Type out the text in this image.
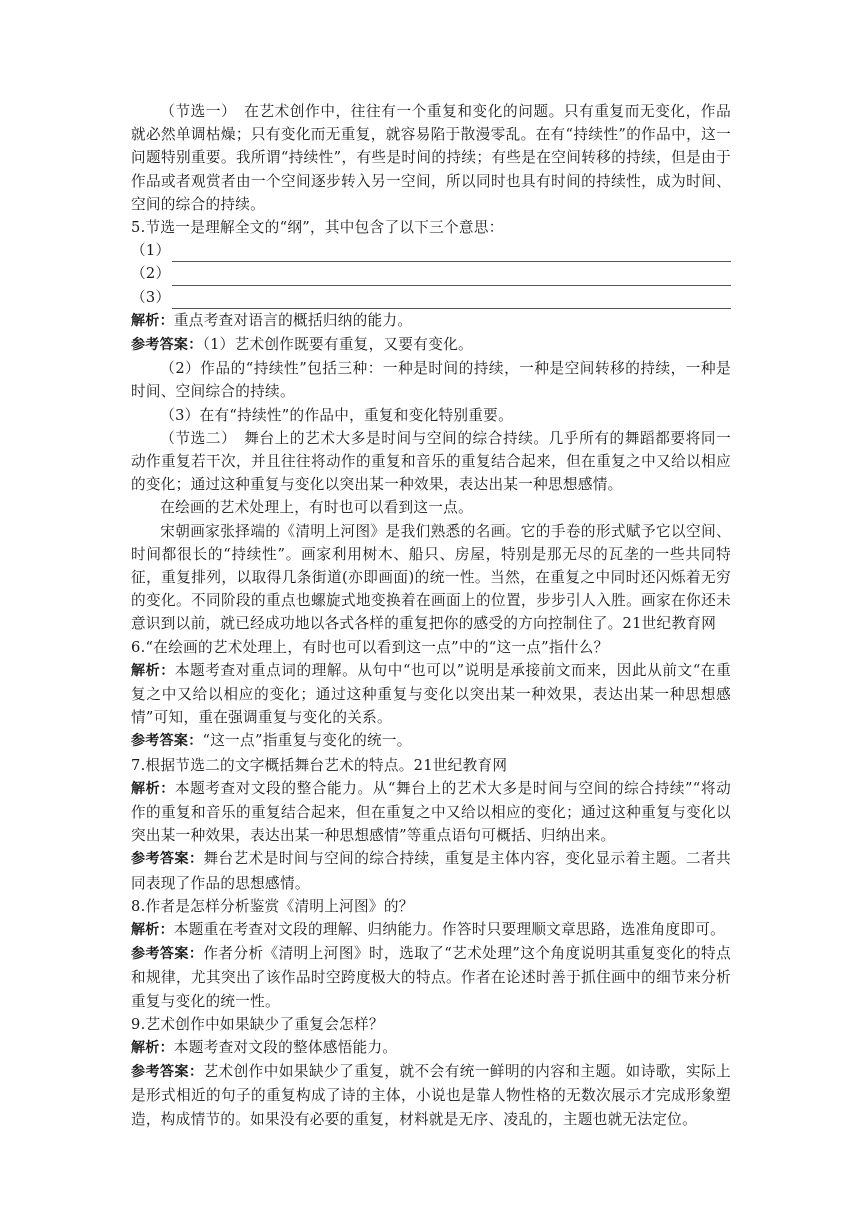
（节选一）　在艺术创作中，往往有一个重复和变化的问题。只有重复而无变化，作品就必然单调枯燥；只有变化而无重复，就容易陷于散漫零乱。在有“持续性”的作品中，这一问题特别重要。我所谓“持续性”，有些是时间的持续；有些是在空间转移的持续，但是由于作品或者观赏者由一个空间逐步转入另一空间，所以同时也具有时间的持续性，成为时间、空间的综合的持续。

5.节选一是理解全文的“纲”，其中包含了以下三个意思：

（1）
（2）
（3）

解析：重点考查对语言的概括归纳的能力。

参考答案：（1）艺术创作既要有重复，又要有变化。

（2）作品的“持续性”包括三种：一种是时间的持续，一种是空间转移的持续，一种是时间、空间综合的持续。

（3）在有“持续性”的作品中，重复和变化特别重要。

（节选二）　舞台上的艺术大多是时间与空间的综合持续。几乎所有的舞蹈都要将同一动作重复若干次，并且往往将动作的重复和音乐的重复结合起来，但在重复之中又给以相应的变化；通过这种重复与变化以突出某一种效果，表达出某一种思想感情。

在绘画的艺术处理上，有时也可以看到这一点。

宋朝画家张择端的《清明上河图》是我们熟悉的名画。它的手卷的形式赋予它以空间、时间都很长的“持续性”。画家利用树木、船只、房屋，特别是那无尽的瓦垄的一些共同特征，重复排列，以取得几条街道(亦即画面)的统一性。当然，在重复之中同时还闪烁着无穷的变化。不同阶段的重点也螺旋式地变换着在画面上的位置，步步引人入胜。画家在你还未意识到以前，就已经成功地以各式各样的重复把你的感受的方向控制住了。21世纪教育网

6.“在绘画的艺术处理上，有时也可以看到这一点”中的“这一点”指什么？

解析：本题考查对重点词的理解。从句中“也可以”说明是承接前文而来，因此从前文“在重复之中又给以相应的变化；通过这种重复与变化以突出某一种效果，表达出某一种思想感情”可知，重在强调重复与变化的关系。

参考答案：“这一点”指重复与变化的统一。

7.根据节选二的文字概括舞台艺术的特点。21世纪教育网

解析：本题考查对文段的整合能力。从“舞台上的艺术大多是时间与空间的综合持续”“将动作的重复和音乐的重复结合起来，但在重复之中又给以相应的变化；通过这种重复与变化以突出某一种效果，表达出某一种思想感情”等重点语句可概括、归纳出来。

参考答案：舞台艺术是时间与空间的综合持续，重复是主体内容，变化显示着主题。二者共同表现了作品的思想感情。

8.作者是怎样分析鉴赏《清明上河图》的？

解析：本题重在考查对文段的理解、归纳能力。作答时只要理顺文章思路，选准角度即可。

参考答案：作者分析《清明上河图》时，选取了“艺术处理”这个角度说明其重复变化的特点和规律，尤其突出了该作品时空跨度极大的特点。作者在论述时善于抓住画中的细节来分析重复与变化的统一性。

9.艺术创作中如果缺少了重复会怎样？

解析：本题考查对文段的整体感悟能力。

参考答案：艺术创作中如果缺少了重复，就不会有统一鲜明的内容和主题。如诗歌，实际上是形式相近的句子的重复构成了诗的主体，小说也是靠人物性格的无数次展示才完成形象塑造，构成情节的。如果没有必要的重复，材料就是无序、凌乱的，主题也就无法定位。
